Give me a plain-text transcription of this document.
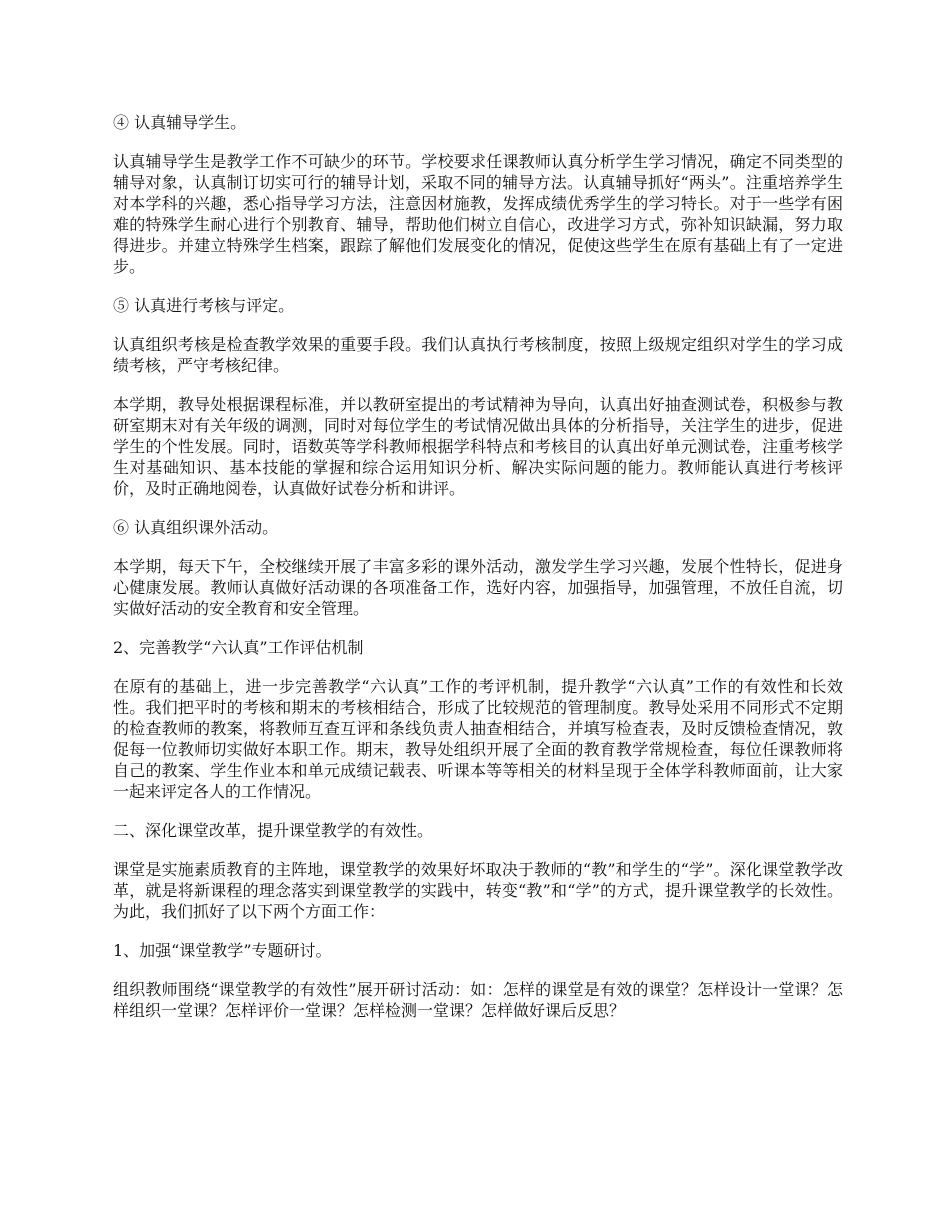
④ 认真辅导学生。

认真辅导学生是教学工作不可缺少的环节。学校要求任课教师认真分析学生学习情况，确定不同类型的辅导对象，认真制订切实可行的辅导计划，采取不同的辅导方法。认真辅导抓好“两头”。注重培养学生对本学科的兴趣，悉心指导学习方法，注意因材施教，发挥成绩优秀学生的学习特长。对于一些学有困难的特殊学生耐心进行个别教育、辅导，帮助他们树立自信心，改进学习方式，弥补知识缺漏，努力取得进步。并建立特殊学生档案，跟踪了解他们发展变化的情况，促使这些学生在原有基础上有了一定进步。

⑤ 认真进行考核与评定。

认真组织考核是检查教学效果的重要手段。我们认真执行考核制度，按照上级规定组织对学生的学习成绩考核，严守考核纪律。

本学期，教导处根据课程标准，并以教研室提出的考试精神为导向，认真出好抽查测试卷，积极参与教研室期末对有关年级的调测，同时对每位学生的考试情况做出具体的分析指导，关注学生的进步，促进学生的个性发展。同时，语数英等学科教师根据学科特点和考核目的认真出好单元测试卷，注重考核学生对基础知识、基本技能的掌握和综合运用知识分析、解决实际问题的能力。教师能认真进行考核评价，及时正确地阅卷，认真做好试卷分析和讲评。

⑥ 认真组织课外活动。

本学期，每天下午，全校继续开展了丰富多彩的课外活动，激发学生学习兴趣，发展个性特长，促进身心健康发展。教师认真做好活动课的各项准备工作，选好内容，加强指导，加强管理，不放任自流，切实做好活动的安全教育和安全管理。

2、完善教学“六认真”工作评估机制

在原有的基础上，进一步完善教学“六认真”工作的考评机制，提升教学“六认真”工作的有效性和长效性。我们把平时的考核和期末的考核相结合，形成了比较规范的管理制度。教导处采用不同形式不定期的检查教师的教案，将教师互查互评和条线负责人抽查相结合，并填写检查表，及时反馈检查情况，敦促每一位教师切实做好本职工作。期末，教导处组织开展了全面的教育教学常规检查，每位任课教师将自己的教案、学生作业本和单元成绩记载表、听课本等等相关的材料呈现于全体学科教师面前，让大家一起来评定各人的工作情况。

二、深化课堂改革，提升课堂教学的有效性。

课堂是实施素质教育的主阵地，课堂教学的效果好坏取决于教师的“教”和学生的“学”。深化课堂教学改革，就是将新课程的理念落实到课堂教学的实践中，转变“教”和“学”的方式，提升课堂教学的长效性。为此，我们抓好了以下两个方面工作：

1、加强“课堂教学”专题研讨。

组织教师围绕“课堂教学的有效性”展开研讨活动：如：怎样的课堂是有效的课堂？怎样设计一堂课？怎样组织一堂课？怎样评价一堂课？怎样检测一堂课？怎样做好课后反思？
